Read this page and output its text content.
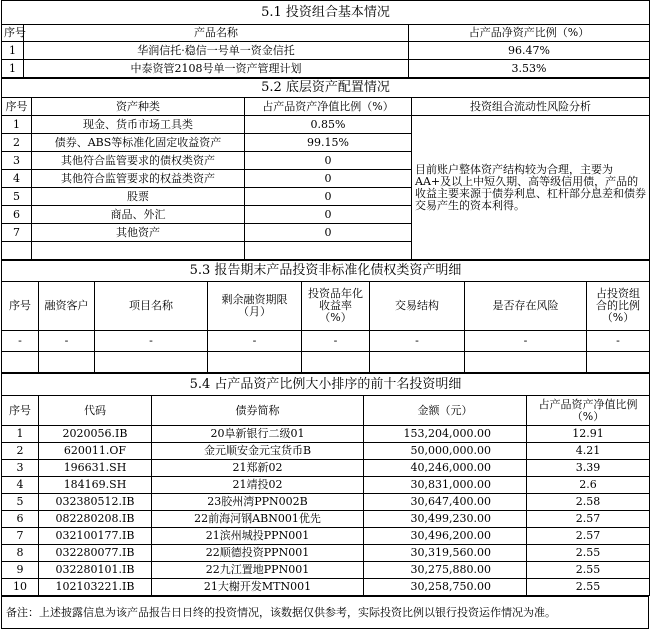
5.1 投资组合基本情况		
序号	产品名称	占产品净资产比例（%）
1	华润信托·稳信一号单一资金信托	96.47%
1	中泰资管2108号单一资产管理计划	3.53%
5.2 底层资产配置情况			
序号	资产种类	占产品资产净值比例（%）	投资组合流动性风险分析
1	现金、货币市场工具类	0.85%	目前账户整体资产结构较为合理，主要为AA+及以上中短久期、高等级信用债，产品的收益主要来源于债券利息、杠杆部分息差和债券交易产生的资本利得。
2	债券、ABS等标准化固定收益资产	99.15%	
3	其他符合监管要求的债权类资产	0	
4	其他符合监管要求的权益类资产	0	
5	股票	0	
6	商品、外汇	0	
7	其他资产	0	

5.3 报告期末产品投资非标准化债权类资产明细							
序号	融资客户	项目名称	剩余融资期限（月）	投资品年化收益率（%）	交易结构	是否存在风险	占投资组合的比例（%）
-	-	-	-	-	-	-	-

5.4 占产品资产比例大小排序的前十名投资明细				
序号	代码	债券简称	金额（元）	占产品资产净值比例（%）
1	2020056.IB	20阜新银行二级01	153,204,000.00	12.91
2	620011.OF	金元顺安金元宝货币B	50,000,000.00	4.21
3	196631.SH	21郑新02	40,246,000.00	3.39
4	184169.SH	21靖投02	30,831,000.00	2.6
5	032380512.IB	23胶州湾PPN002B	30,647,400.00	2.58
6	082280208.IB	22前海河钢ABN001优先	30,499,230.00	2.57
7	032100177.IB	21滨州城投PPN001	30,496,200.00	2.57
8	032280077.IB	22顺德投资PPN001	30,319,560.00	2.55
9	032280101.IB	22九江置地PPN001	30,275,880.00	2.55
10	102103221.IB	21大榭开发MTN001	30,258,750.00	2.55
备注：上述披露信息为该产品报告日日终的投资情况，该数据仅供参考，实际投资比例以银行投资运作情况为准。
